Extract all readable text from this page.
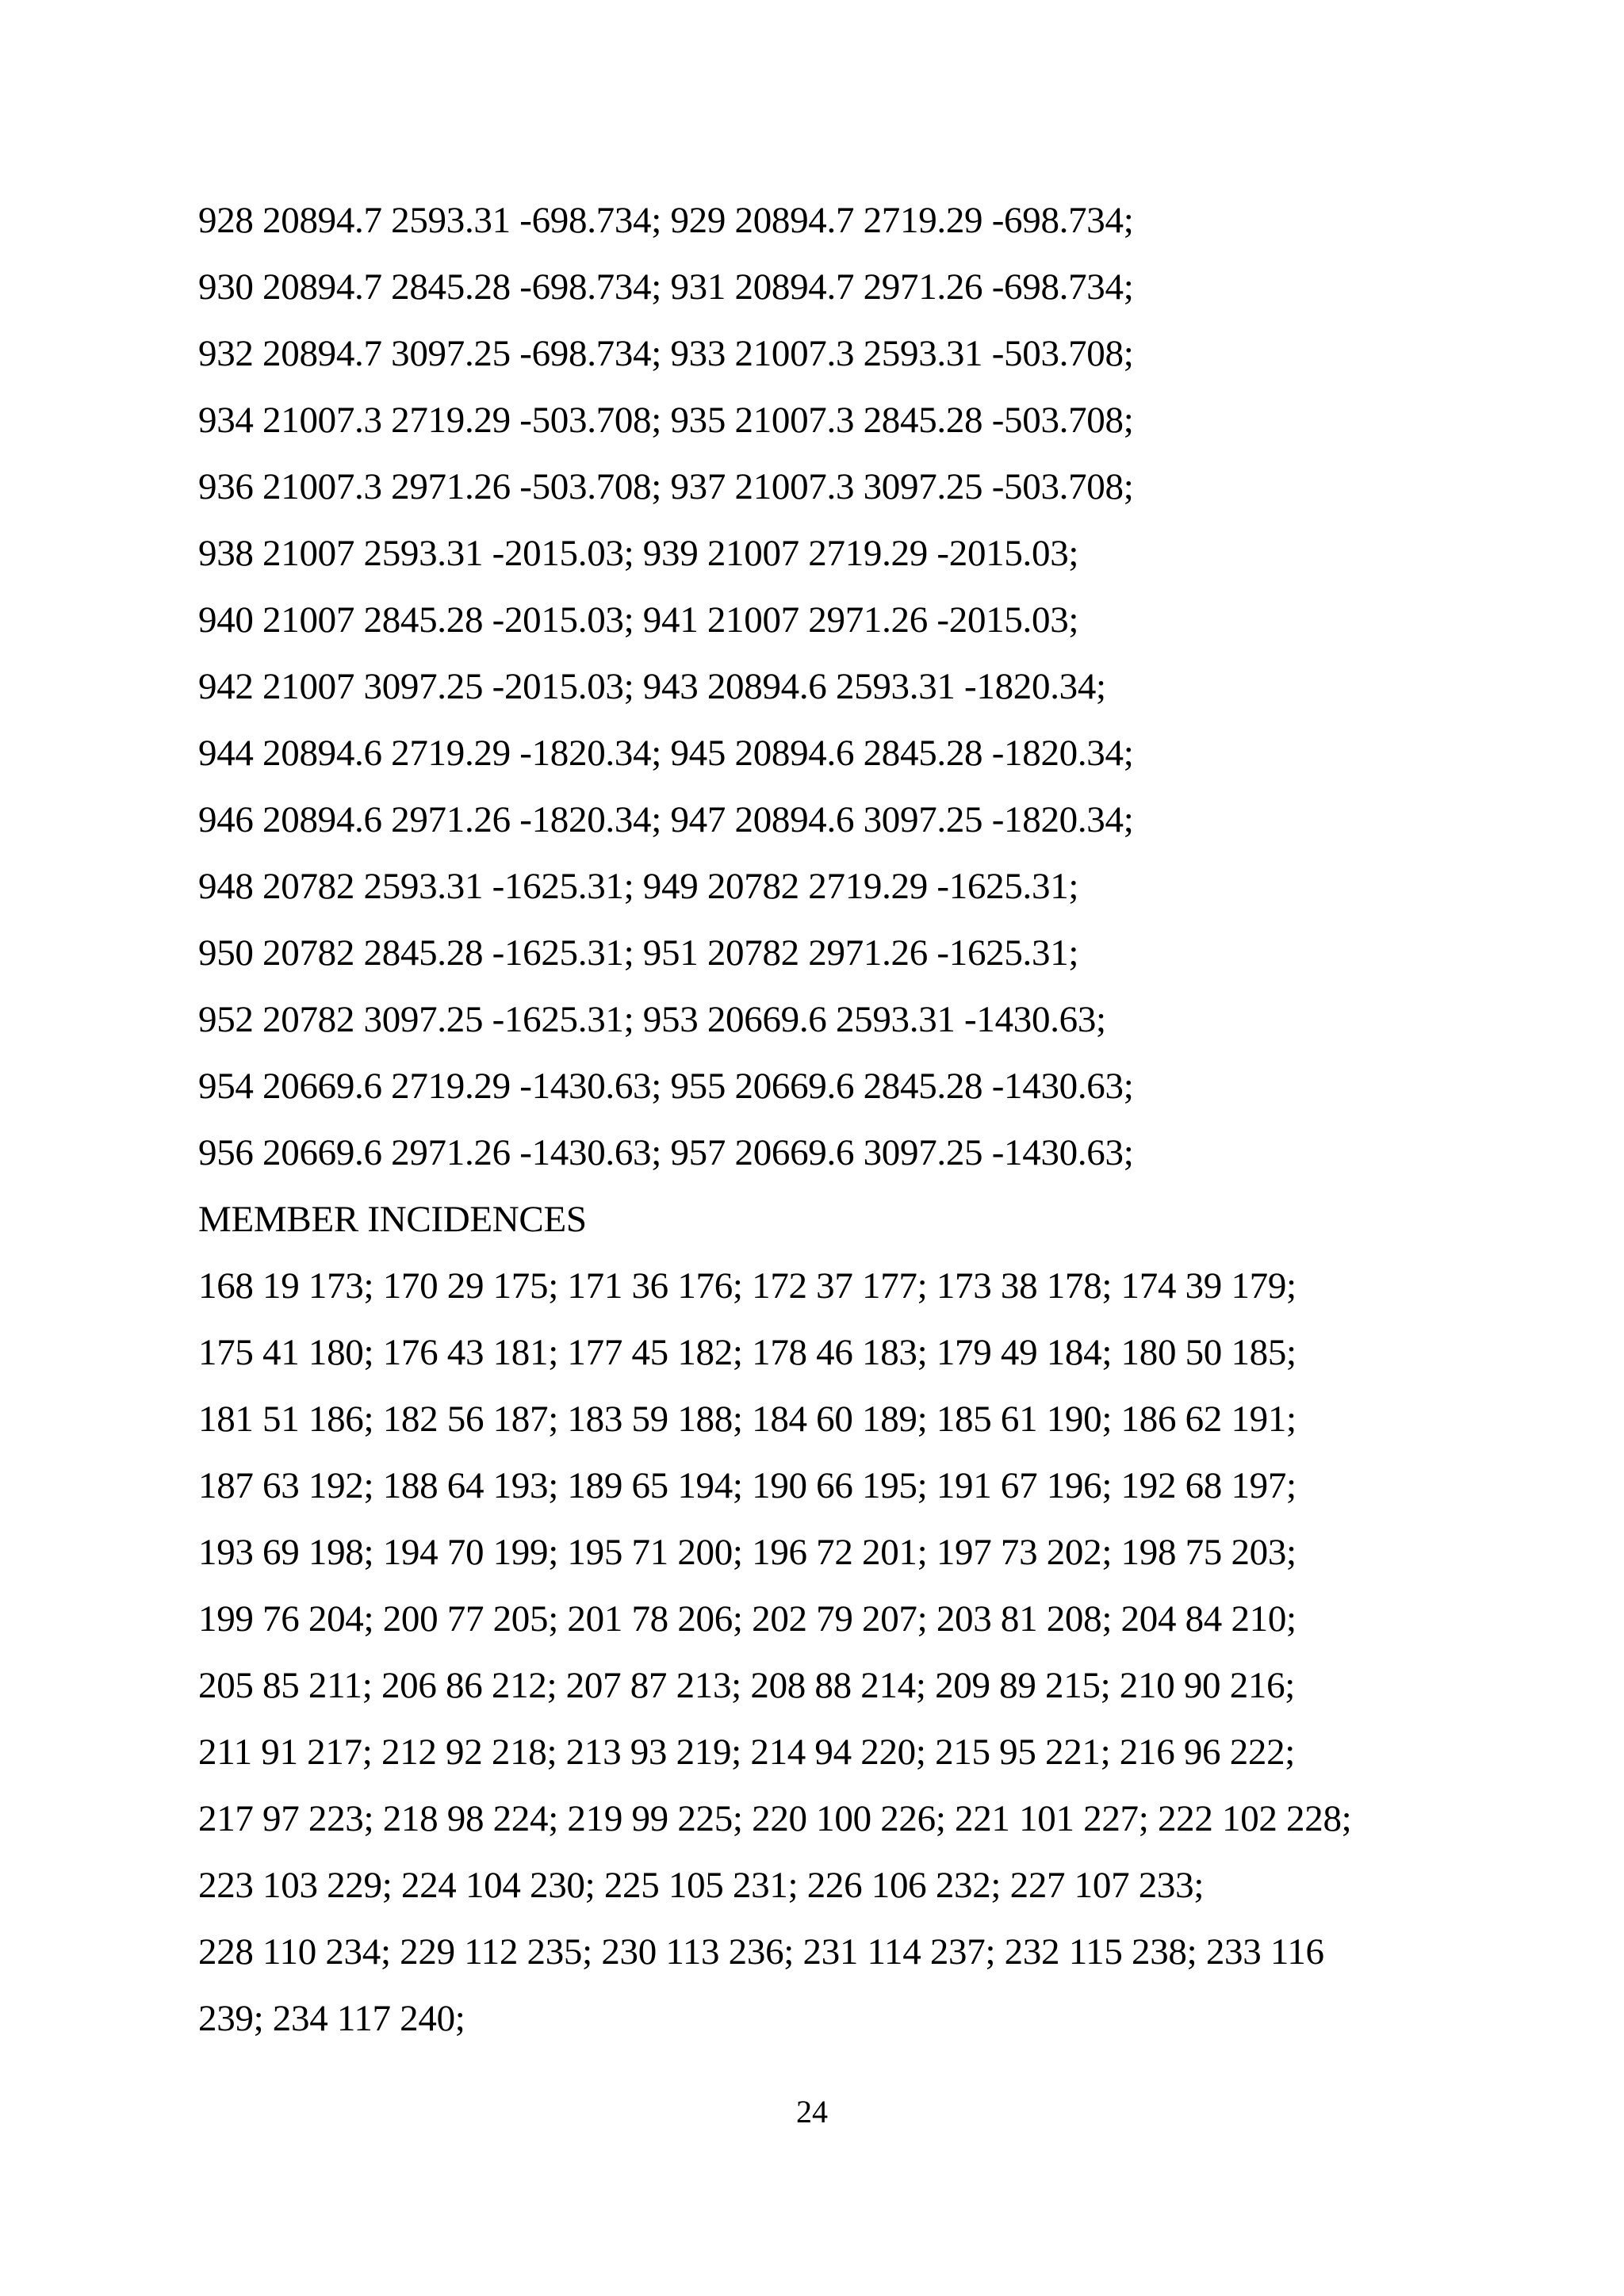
928 20894.7 2593.31 -698.734; 929 20894.7 2719.29 -698.734;
930 20894.7 2845.28 -698.734; 931 20894.7 2971.26 -698.734;
932 20894.7 3097.25 -698.734; 933 21007.3 2593.31 -503.708;
934 21007.3 2719.29 -503.708; 935 21007.3 2845.28 -503.708;
936 21007.3 2971.26 -503.708; 937 21007.3 3097.25 -503.708;
938 21007 2593.31 -2015.03; 939 21007 2719.29 -2015.03;
940 21007 2845.28 -2015.03; 941 21007 2971.26 -2015.03;
942 21007 3097.25 -2015.03; 943 20894.6 2593.31 -1820.34;
944 20894.6 2719.29 -1820.34; 945 20894.6 2845.28 -1820.34;
946 20894.6 2971.26 -1820.34; 947 20894.6 3097.25 -1820.34;
948 20782 2593.31 -1625.31; 949 20782 2719.29 -1625.31;
950 20782 2845.28 -1625.31; 951 20782 2971.26 -1625.31;
952 20782 3097.25 -1625.31; 953 20669.6 2593.31 -1430.63;
954 20669.6 2719.29 -1430.63; 955 20669.6 2845.28 -1430.63;
956 20669.6 2971.26 -1430.63; 957 20669.6 3097.25 -1430.63;
MEMBER INCIDENCES
168 19 173; 170 29 175; 171 36 176; 172 37 177; 173 38 178; 174 39 179;
175 41 180; 176 43 181; 177 45 182; 178 46 183; 179 49 184; 180 50 185;
181 51 186; 182 56 187; 183 59 188; 184 60 189; 185 61 190; 186 62 191;
187 63 192; 188 64 193; 189 65 194; 190 66 195; 191 67 196; 192 68 197;
193 69 198; 194 70 199; 195 71 200; 196 72 201; 197 73 202; 198 75 203;
199 76 204; 200 77 205; 201 78 206; 202 79 207; 203 81 208; 204 84 210;
205 85 211; 206 86 212; 207 87 213; 208 88 214; 209 89 215; 210 90 216;
211 91 217; 212 92 218; 213 93 219; 214 94 220; 215 95 221; 216 96 222;
217 97 223; 218 98 224; 219 99 225; 220 100 226; 221 101 227; 222 102 228;
223 103 229; 224 104 230; 225 105 231; 226 106 232; 227 107 233;
228 110 234; 229 112 235; 230 113 236; 231 114 237; 232 115 238; 233 116
239; 234 117 240;
24
